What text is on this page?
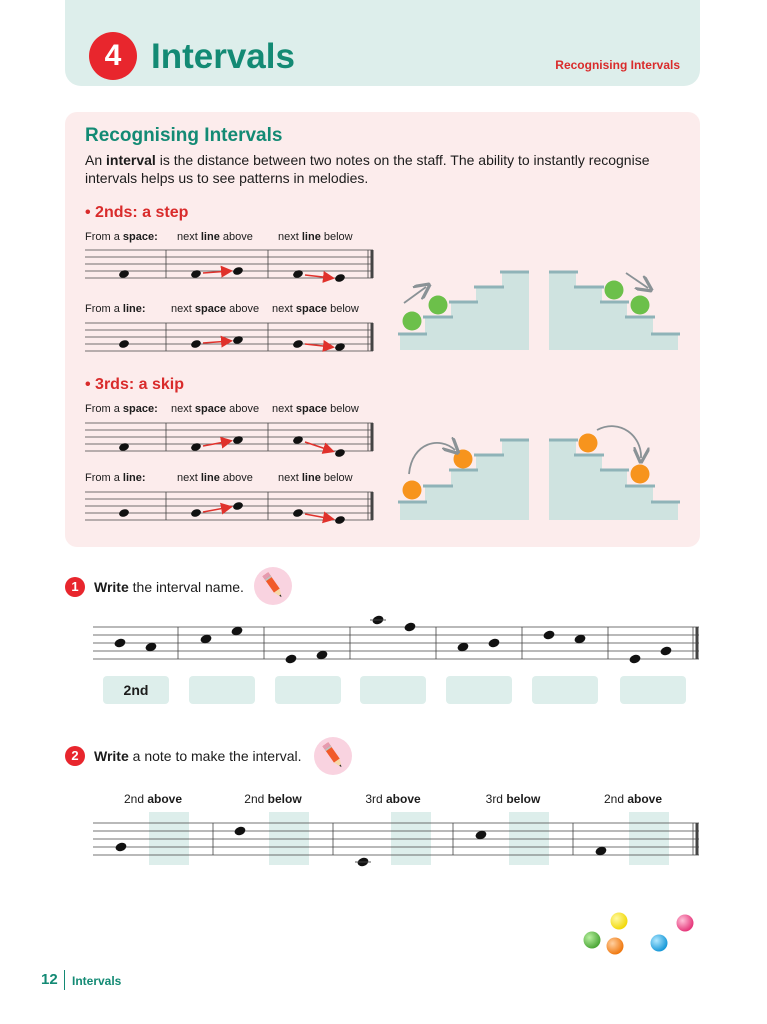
4 Intervals	Recognising Intervals
Recognising Intervals
An interval is the distance between two notes on the staff. The ability to instantly recognise intervals helps us to see patterns in melodies.
• 2nds: a step
From a space: next line above next line below
From a line: next space above next space below
• 3rds: a skip
From a space: next space above next space below
From a line:	next line above next line below
1	Write the interval name.
2nd
2	Write a note to make the interval.
2nd above	2nd below	3rd above	3rd below	2nd above
12 Intervals
